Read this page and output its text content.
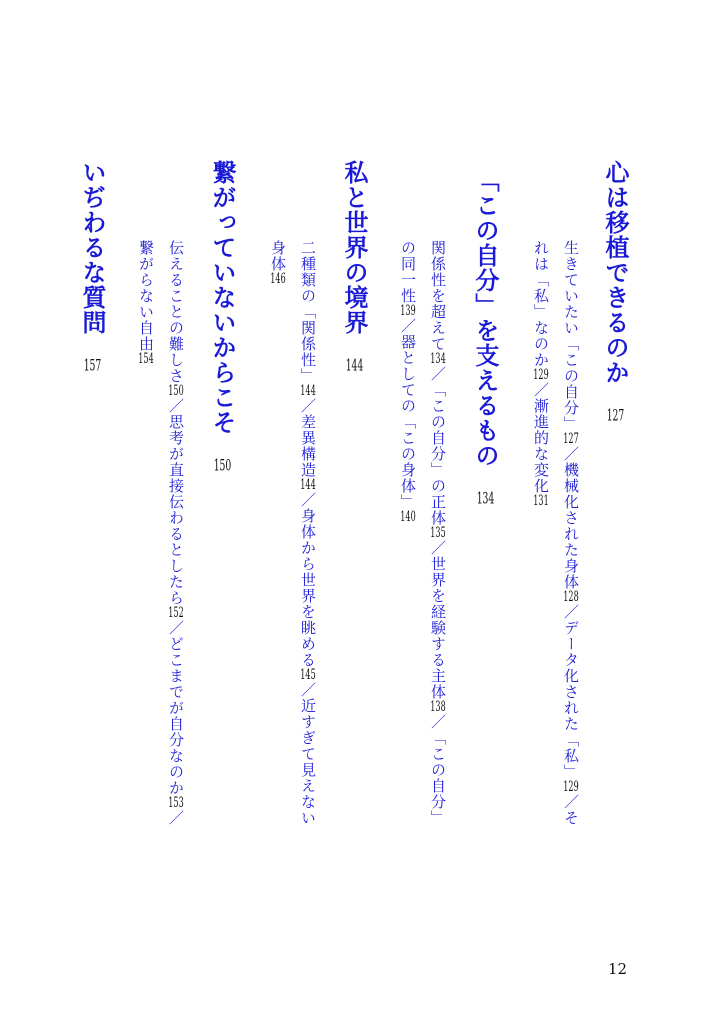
心は移植できるのか127
生きていたい「この自分」127／機械化された身体128／データ化された「私」129／そ
れは「私」なのか129／漸進的な変化131
「この自分」を支えるもの134
関係性を超えて134／「この自分」の正体135／世界を経験する主体138／「この自分」
の同一性139／器としての「この身体」140
私と世界の境界144
二種類の「関係性」144／差異構造144／身体から世界を眺める145／近すぎて見えない
身体146
繋がっていないからこそ150
伝えることの難しさ150／思考が直接伝わるとしたら152／どこまでが自分なのか153／
繋がらない自由154
いぢわるな質問157
12
